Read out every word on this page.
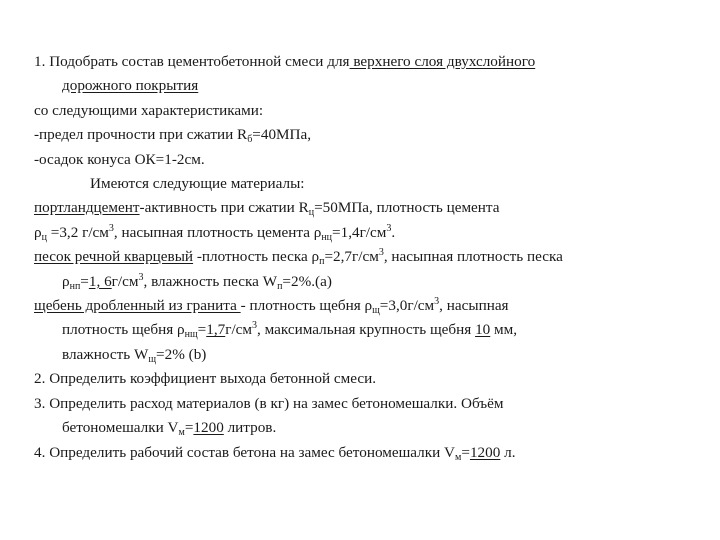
1. Подобрать состав цементобетонной смеси для верхнего слоя двухслойного
дорожного покрытия
со следующими характеристиками:
-предел прочности при сжатии $R_б=40МПа$,
-осадок конуса ОК=1-2см.
Имеются следующие материалы:
портландцемент-активность при сжатии $R_ц=50МПа$, плотность цемента
$\rho_ц =3,2$ $г/см^3$, насыпная плотность цемента $\rho_{нц}=1,4г/см^3$.
песок речной кварцевый -плотность песка $\rho_п=2,7г/см^3$, насыпная плотность песка
$\rho_{нп}=1$, $6г/см^3$, влажность песка $W_п=2\%.(a)$
щебень дробленный из гранита - плотность щебня $\rho_щ=3,0г/см^3$, насыпная
плотность щебня $\rho_{нщ}=1,7г/см^3$, максимальная крупность щебня 10 мм,
влажность $W_щ=2\%$ (b)
2. Определить коэффициент выхода бетонной смеси.
3. Определить расход материалов (в кг) на замес бетономешалки. Объём
бетономешалки $V_м=1200$ литров.
4. Определить рабочий состав бетона на замес бетономешалки $V_м=1200$ л.
